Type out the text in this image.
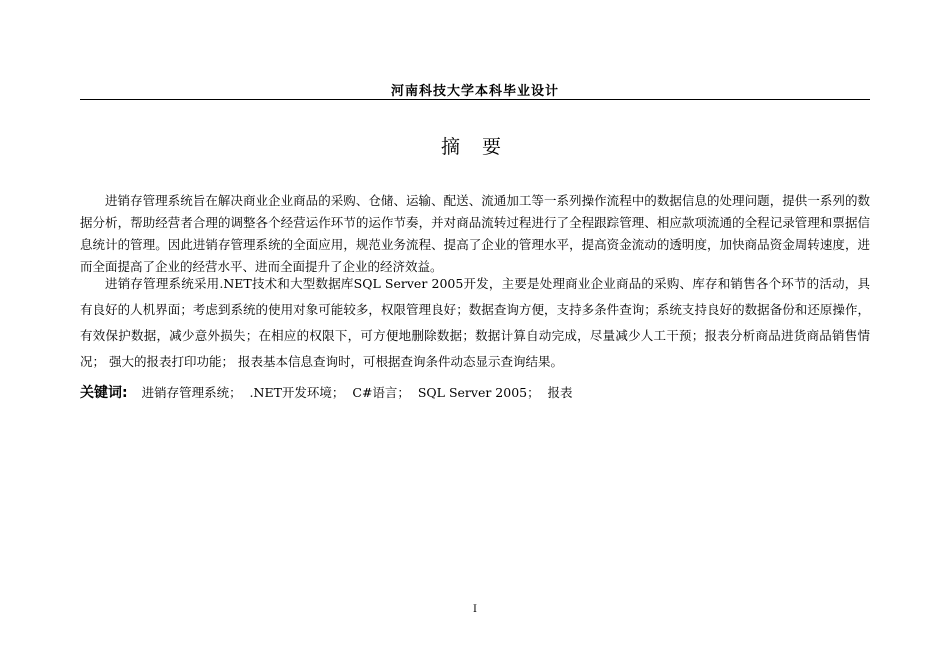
河南科技大学本科毕业设计
摘 要

进销存管理系统旨在解决商业企业商品的采购、仓储、运输、配送、流通加工等一系列操作流程中的数据信息的处理问题，提供一系列的数据分析，帮助经营者合理的调整各个经营运作环节的运作节奏，并对商品流转过程进行了全程跟踪管理、相应款项流通的全程记录管理和票据信息统计的管理。因此进销存管理系统的全面应用，规范业务流程、提高了企业的管理水平，提高资金流动的透明度，加快商品资金周转速度，进而全面提高了企业的经营水平、进而全面提升了企业的经济效益。

进销存管理系统采用.NET技术和大型数据库SQL Server 2005开发，主要是处理商业企业商品的采购、库存和销售各个环节的活动，具有良好的人机界面；考虑到系统的使用对象可能较多，权限管理良好；数据查询方便，支持多条件查询；系统支持良好的数据备份和还原操作，有效保护数据，减少意外损失；在相应的权限下，可方便地删除数据；数据计算自动完成，尽量减少人工干预；报表分析商品进货商品销售情况； 强大的报表打印功能； 报表基本信息查询时，可根据查询条件动态显示查询结果。

关键词: 进销存管理系统；  .NET开发环境；  C#语言；  SQL Server 2005；  报表
I
